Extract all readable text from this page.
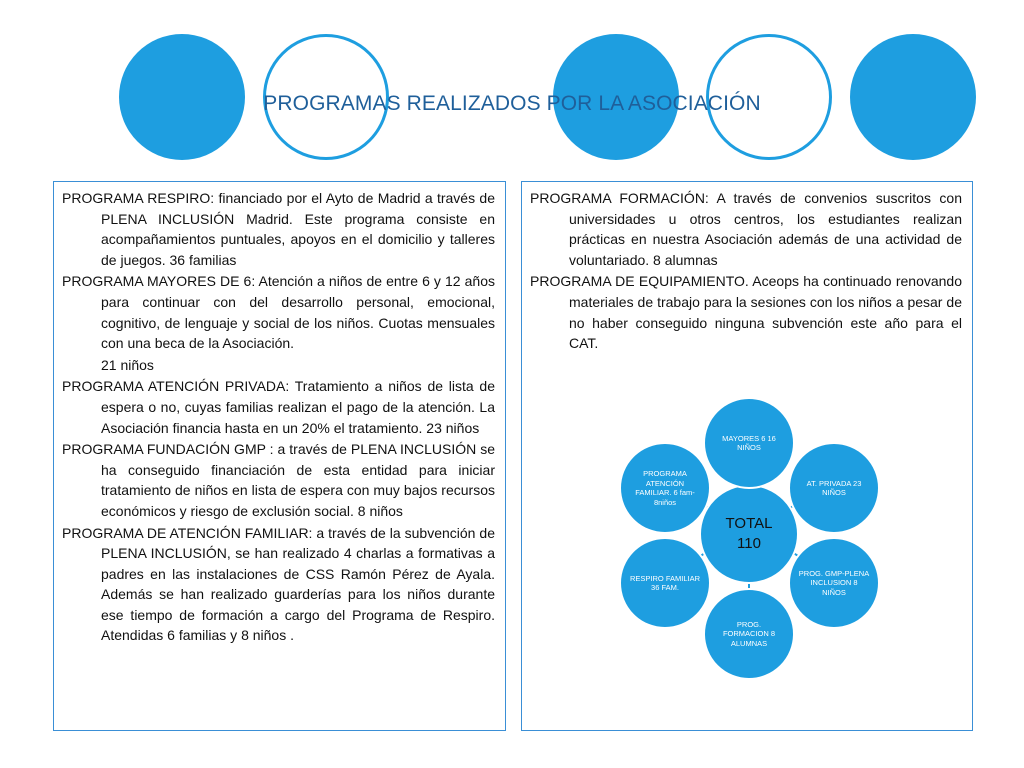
PROGRAMAS REALIZADOS POR LA ASOCIACIÓN

PROGRAMA RESPIRO: financiado por el Ayto de Madrid a través de PLENA INCLUSIÓN Madrid. Este programa consiste en acompañamientos puntuales, apoyos en el domicilio y talleres de juegos. 36 familias

PROGRAMA MAYORES DE 6: Atención a niños de entre 6 y 12 años para continuar con del desarrollo personal, emocional, cognitivo, de lenguaje y social de los niños. Cuotas mensuales con una beca de la Asociación.

21 niños

PROGRAMA ATENCIÓN PRIVADA: Tratamiento a niños de lista de espera o no, cuyas familias realizan el pago de la atención. La Asociación financia hasta en un 20% el tratamiento. 23 niños

PROGRAMA FUNDACIÓN GMP : a través de PLENA INCLUSIÓN se ha conseguido financiación de esta entidad para iniciar tratamiento de niños en lista de espera con muy bajos recursos económicos y riesgo de exclusión social. 8 niños

PROGRAMA DE ATENCIÓN FAMILIAR: a través de la subvención de PLENA INCLUSIÓN, se han realizado 4 charlas a formativas a padres en las instalaciones de CSS Ramón Pérez de Ayala. Además se han realizado guarderías para los niños durante ese tiempo de formación a cargo del Programa de Respiro. Atendidas 6 familias y 8 niños .

PROGRAMA FORMACIÓN: A través de convenios suscritos con universidades u otros centros, los estudiantes realizan prácticas en nuestra Asociación además de una actividad de voluntariado. 8 alumnas

PROGRAMA DE EQUIPAMIENTO. Aceops ha continuado renovando materiales de trabajo para la sesiones con los niños a pesar de no haber conseguido ninguna subvención este año para el CAT.

TOTAL 110
MAYORES 6 16 NIÑOS
AT. PRIVADA 23 NIÑOS
PROG. GMP-PLENA INCLUSION 8 NIÑOS
PROG. FORMACION 8 ALUMNAS
RESPIRO FAMILIAR 36 FAM.
PROGRAMA ATENCIÓN FAMILIAR. 6 fam-8niños
